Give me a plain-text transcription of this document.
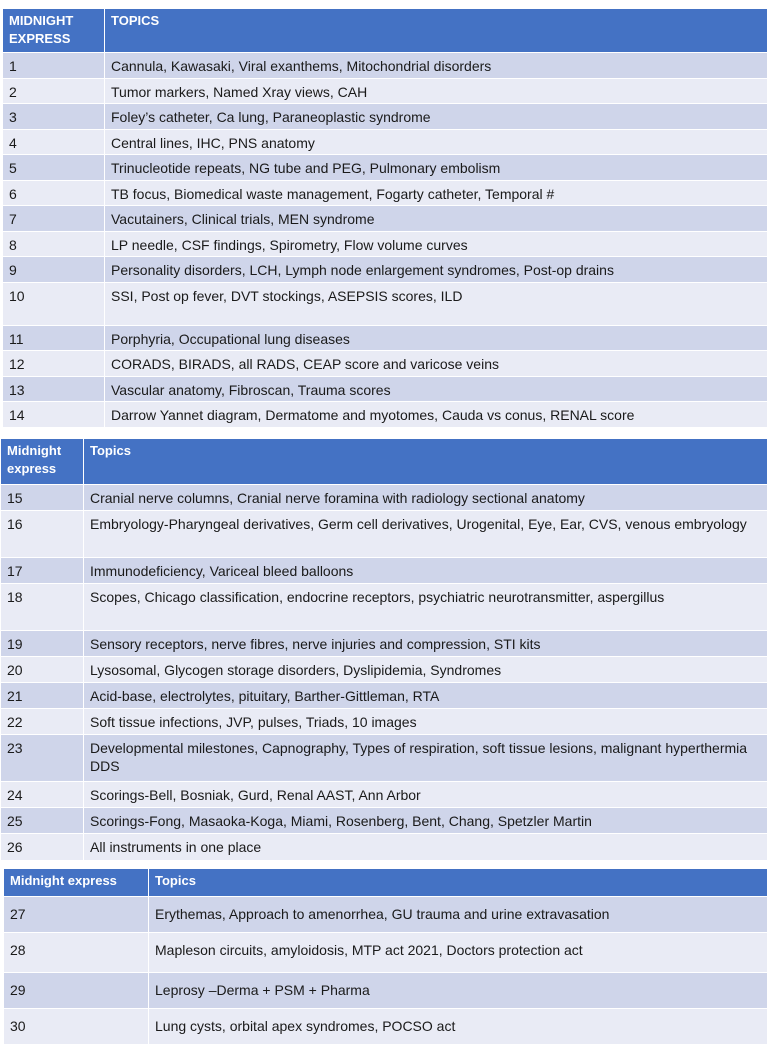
MIDNIGHT EXPRESS	TOPICS
1	Cannula, Kawasaki, Viral exanthems, Mitochondrial disorders
2	Tumor markers, Named Xray views, CAH
3	Foley’s catheter, Ca lung, Paraneoplastic syndrome
4	Central lines, IHC, PNS anatomy
5	Trinucleotide repeats, NG tube and PEG, Pulmonary embolism
6	TB focus, Biomedical waste management, Fogarty catheter, Temporal #
7	Vacutainers, Clinical trials, MEN syndrome
8	LP needle, CSF findings, Spirometry, Flow volume curves
9	Personality disorders, LCH, Lymph node enlargement syndromes, Post-op drains
10	SSI, Post op fever, DVT stockings, ASEPSIS scores, ILD
11	Porphyria, Occupational lung diseases
12	CORADS, BIRADS, all RADS, CEAP score and varicose veins
13	Vascular anatomy, Fibroscan, Trauma scores
14	Darrow Yannet diagram, Dermatome and myotomes, Cauda vs conus, RENAL score
Midnight express	Topics
15	Cranial nerve columns, Cranial nerve foramina with radiology sectional anatomy
16	Embryology-Pharyngeal derivatives, Germ cell derivatives, Urogenital, Eye, Ear, CVS, venous embryology
17	Immunodeficiency, Variceal bleed balloons
18	Scopes, Chicago classification, endocrine receptors, psychiatric neurotransmitter, aspergillus
19	Sensory receptors, nerve fibres, nerve injuries and compression, STI kits
20	Lysosomal, Glycogen storage disorders, Dyslipidemia, Syndromes
21	Acid-base, electrolytes, pituitary, Barther-Gittleman, RTA
22	Soft tissue infections, JVP, pulses, Triads, 10 images
23	Developmental milestones, Capnography, Types of respiration, soft tissue lesions, malignant hyperthermia DDS
24	Scorings-Bell, Bosniak, Gurd, Renal AAST, Ann Arbor
25	Scorings-Fong, Masaoka-Koga, Miami, Rosenberg, Bent, Chang, Spetzler Martin
26	All instruments in one place
Midnight express	Topics
27	Erythemas, Approach to amenorrhea, GU trauma and urine extravasation
28	Mapleson circuits, amyloidosis, MTP act 2021, Doctors protection act
29	Leprosy –Derma + PSM + Pharma
30	Lung cysts, orbital apex syndromes, POCSO act
